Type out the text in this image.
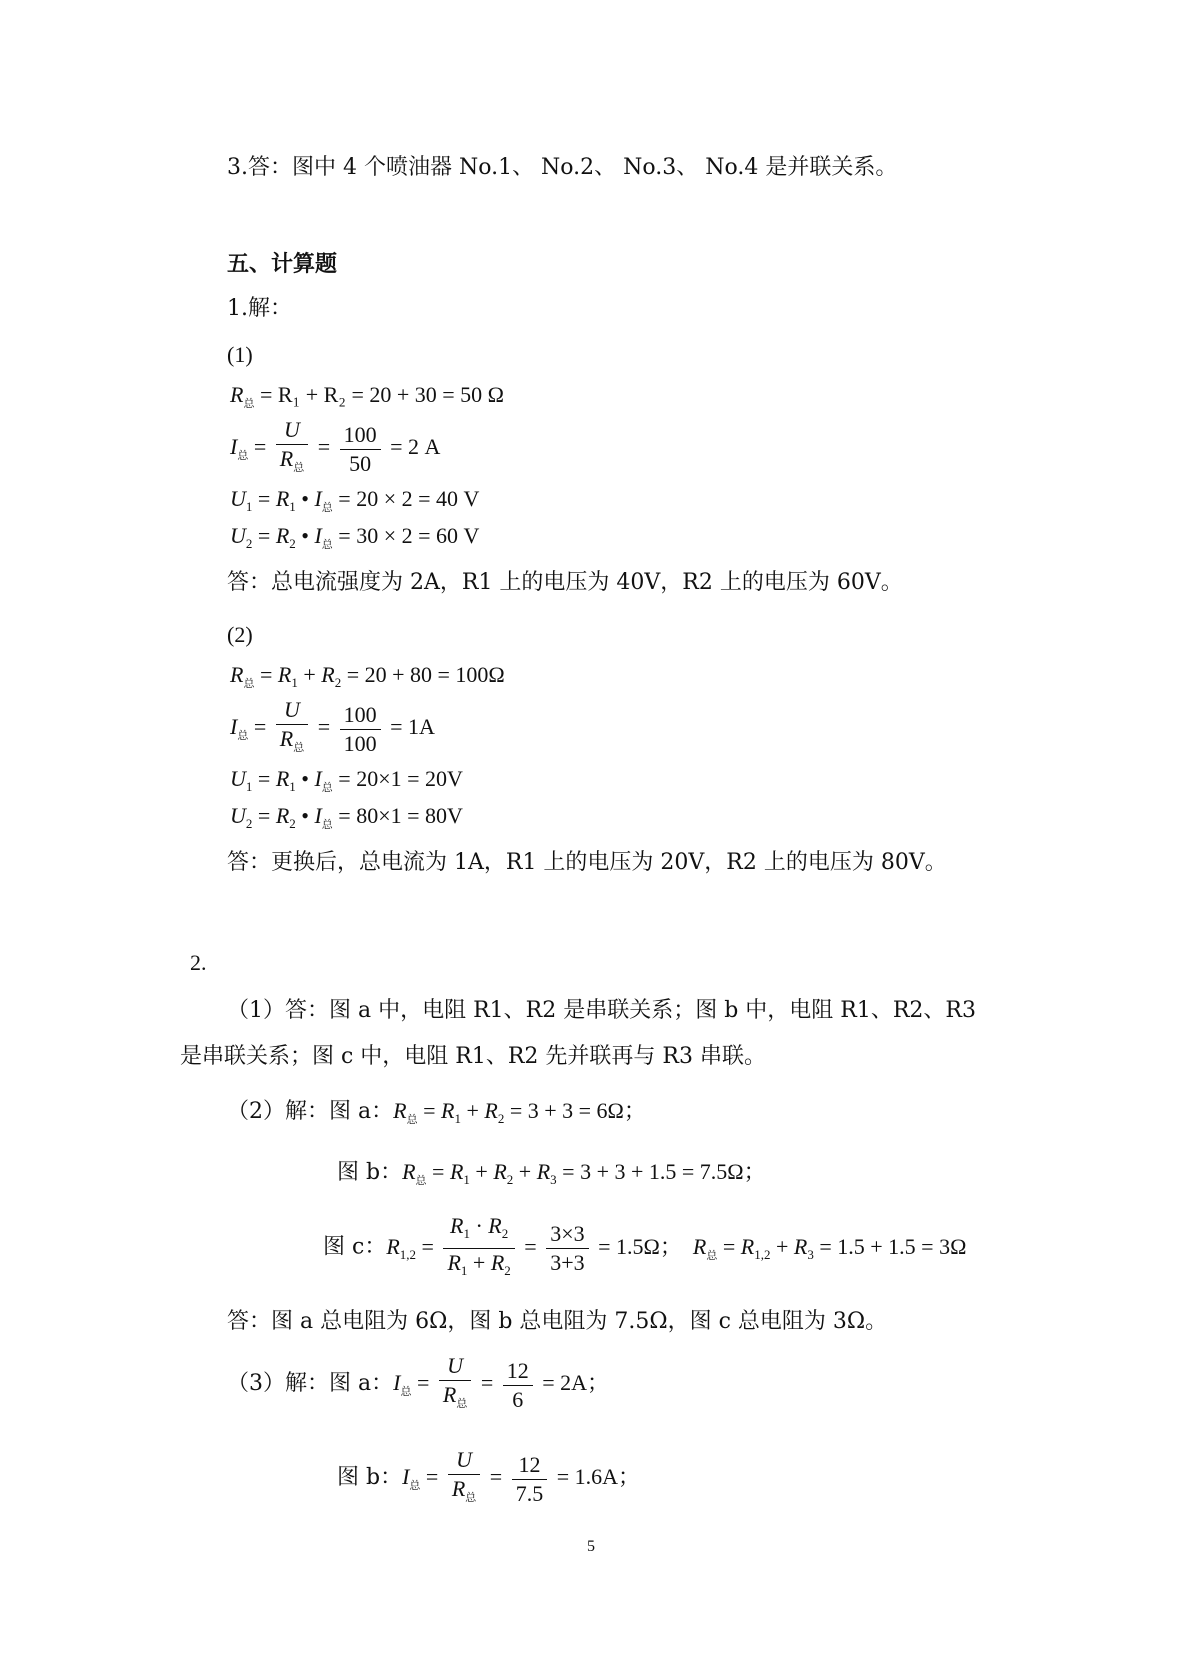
3.答：图中 4 个喷油器 No.1、 No.2、 No.3、 No.4 是并联关系。
五、计算题
1.解：
(1)
$R_总 = R_1 + R_2 = 20 + 30 = 50$ Ω
$I_总 = \frac{U}{R_总} = \frac{100}{50} = 2$ A
$U_1 = R_1$ • $I_总 = 20 \times 2 = 40$ V
$U_2 = R_2$ • $I_总 = 30 \times 2 = 60$ V
答：总电流强度为 2A，R1 上的电压为 40V，R2 上的电压为 60V。
(2)
$R_总 = R_1 + R_2 = 20 + 80 = 100\Omega$
$I_总 = \frac{U}{R_总} = \frac{100}{100} = 1A$
$U_1 = R_1$ • $I_总 = 20\times 1 = 20V$
$U_2 = R_2$ • $I_总 = 80\times 1 = 80V$
答：更换后，总电流为 1A，R1 上的电压为 20V，R2 上的电压为 80V。
2.
（1）答：图 a 中，电阻 R1、R2 是串联关系；图 b 中，电阻 R1、R2、R3
是串联关系；图 c 中，电阻 R1、R2 先并联再与 R3 串联。
（2）解：图 a：$R_总 = R_1 + R_2 = 3 + 3 = 6\Omega$；
图 b：$R_总 = R_1 + R_2 + R_3 = 3 + 3 + 1.5 = 7.5\Omega$；
图 c：$R_{1,2} = \frac{R_1 \cdot R_2}{R_1 + R_2} = \frac{3\times 3}{3+3} = 1.5\Omega$； $R_总 = R_{1,2} + R_3 = 1.5 + 1.5 = 3\Omega$
答：图 a 总电阻为 6Ω，图 b 总电阻为 7.5Ω，图 c 总电阻为 3Ω。
（3）解：图 a：$I_总 = \frac{U}{R_总} = \frac{12}{6} = 2A$；
图 b：$I_总 = \frac{U}{R_总} = \frac{12}{7.5} = 1.6A$；
5
